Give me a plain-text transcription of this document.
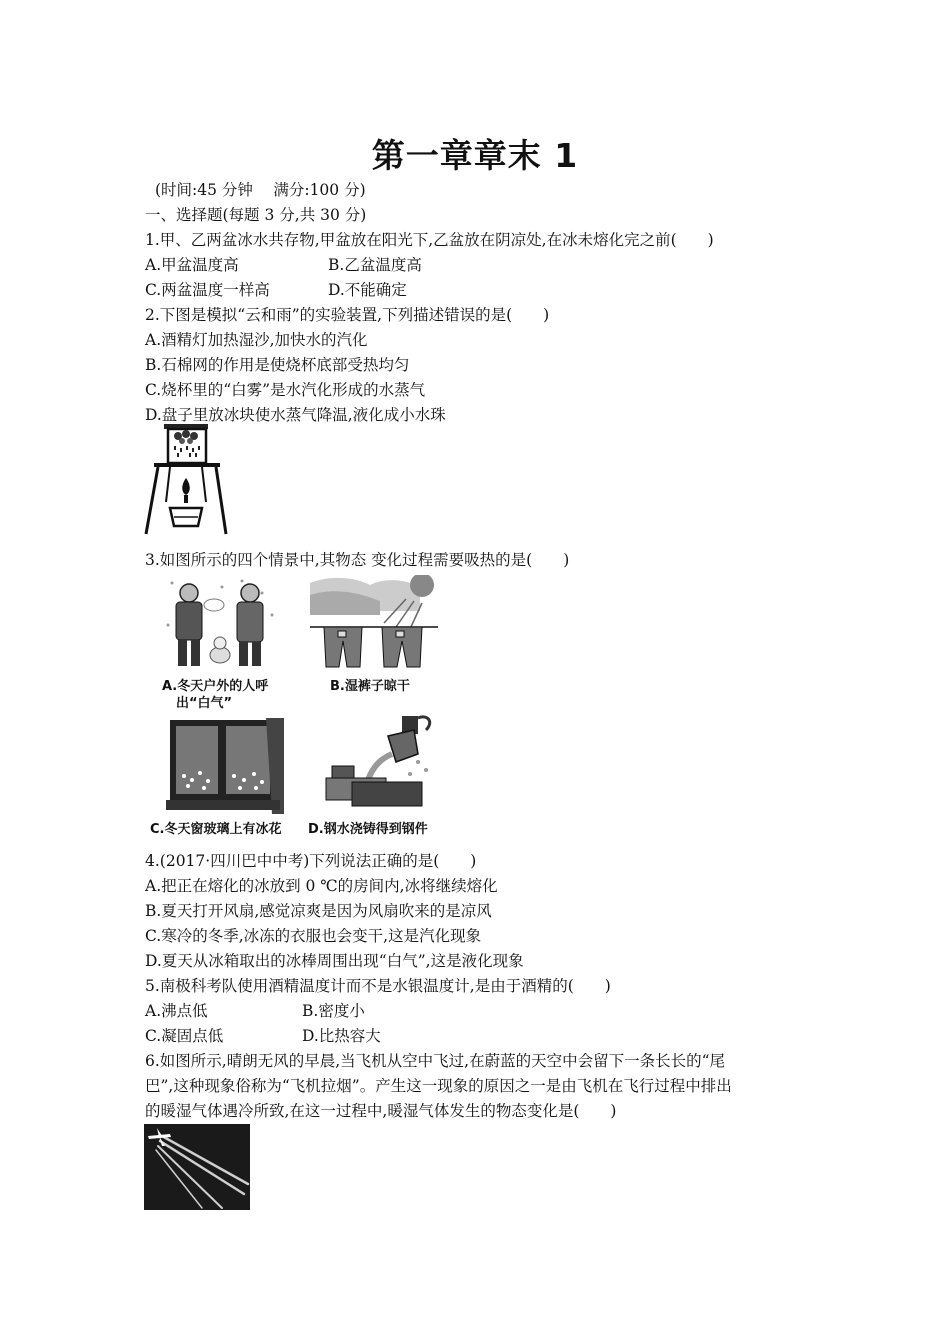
第一章章末 1
(时间:45 分钟　 满分:100 分)
一、选择题(每题 3 分,共 30 分)
1.甲、乙两盆冰水共存物,甲盆放在阳光下,乙盆放在阴凉处,在冰未熔化完之前(　　)
A.甲盆温度高	B.乙盆温度高
C.两盆温度一样高	D.不能确定
2.下图是模拟“云和雨”的实验装置,下列描述错误的是(　　)
A.酒精灯加热湿沙,加快水的汽化
B.石棉网的作用是使烧杯底部受热均匀
C.烧杯里的“白雾”是水汽化形成的水蒸气
D.盘子里放冰块使水蒸气降温,液化成小水珠
3.如图所示的四个情景中,其物态 变化过程需要吸热的是(　　)
A.冬天户外的人呼
出“白气”
B.湿裤子晾干
C.冬天窗玻璃上有冰花 D.钢水浇铸得到钢件
4.(2017·四川巴中中考)下列说法正确的是(　　)
A.把正在熔化的冰放到 0 ℃的房间内,冰将继续熔化
B.夏天打开风扇,感觉凉爽是因为风扇吹来的是凉风
C.寒冷的冬季,冰冻的衣服也会变干,这是汽化现象
D.夏天从冰箱取出的冰棒周围出现“白气”,这是液化现象
5.南极科考队使用酒精温度计而不是水银温度计,是由于酒精的(　　)
A.沸点低	B.密度小
C.凝固点低	D.比热容大
6.如图所示,晴朗无风的早晨,当飞机从空中飞过,在蔚蓝的天空中会留下一条长长的“尾
巴”,这种现象俗称为“飞机拉烟”。产生这一现象的原因之一是由飞机在飞行过程中排出
的暖湿气体遇冷所致,在这一过程中,暖湿气体发生的物态变化是(　　)
